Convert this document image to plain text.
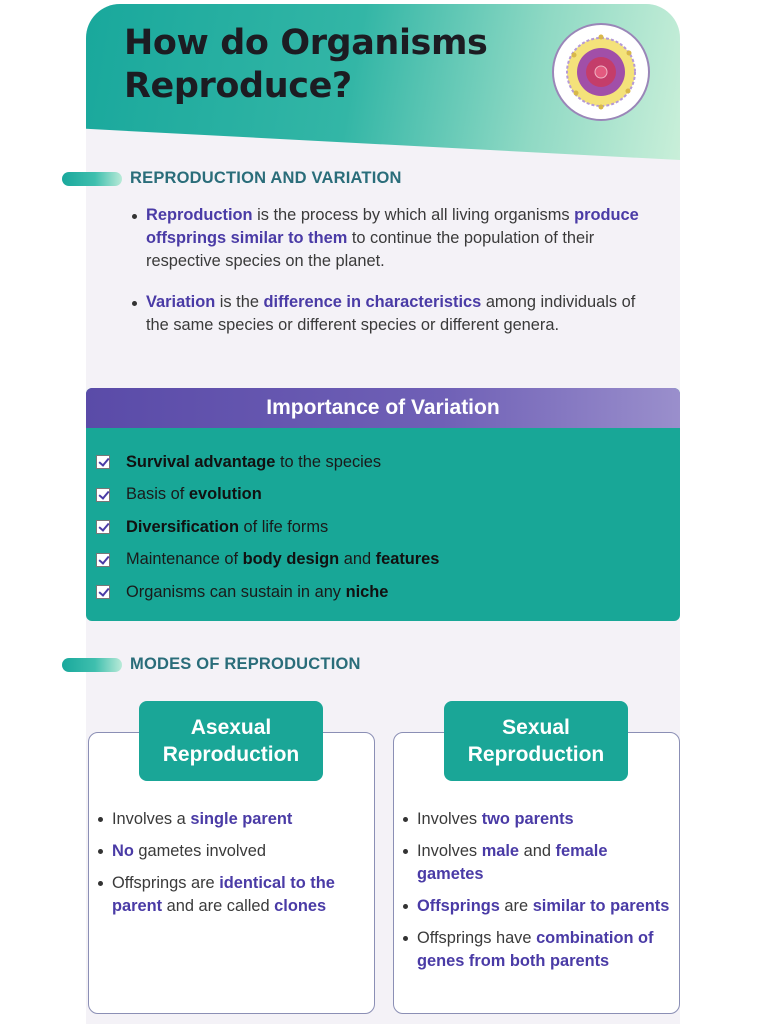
How do Organisms Reproduce?
REPRODUCTION AND VARIATION
Reproduction is the process by which all living organisms produce offsprings similar to them to continue the population of their respective species on the planet.
Variation is the difference in characteristics among individuals of the same species or different species or different genera.
Importance of Variation
Survival advantage to the species
Basis of evolution
Diversification of life forms
Maintenance of body design and features
Organisms can sustain in any niche
MODES OF REPRODUCTION
Asexual Reproduction
Involves a single parent
No gametes involved
Offsprings are identical to the parent and are called clones
Sexual Reproduction
Involves two parents
Involves male and female gametes
Offsprings are similar to parents
Offsprings have combination of genes from both parents
